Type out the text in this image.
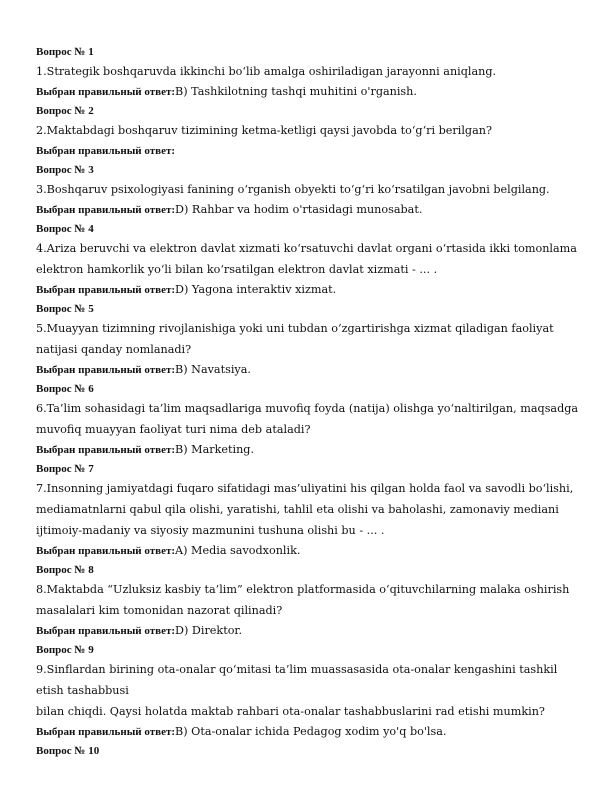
Вопрос № 1
1.Strategik boshqaruvda ikkinchi bo‘lib amalga oshiriladigan jarayonni aniqlang.
Выбран правильный ответ:B) Tashkilotning tashqi muhitini o'rganish.
Вопрос № 2
2.Maktabdagi boshqaruv tizimining ketma-ketligi qaysi javobda to‘g‘ri berilgan?
Выбран правильный ответ:
Вопрос № 3
3.Boshqaruv psixologiyasi fanining o‘rganish obyekti to‘g‘ri ko‘rsatilgan javobni belgilang.
Выбран правильный ответ:D) Rahbar va hodim o'rtasidagi munosabat.
Вопрос № 4
4.Ariza beruvchi va elektron davlat xizmati ko‘rsatuvchi davlat organi o‘rtasida ikki tomonlama elektron hamkorlik yo‘li bilan ko‘rsatilgan elektron davlat xizmati - ... .
Выбран правильный ответ:D) Yagona interaktiv xizmat.
Вопрос № 5
5.Muayyan tizimning rivojlanishiga yoki uni tubdan o‘zgartirishga xizmat qiladigan faoliyat natijasi qanday nomlanadi?
Выбран правильный ответ:B) Navatsiya.
Вопрос № 6
6.Ta’lim sohasidagi ta’lim maqsadlariga muvofiq foyda (natija) olishga yo‘naltirilgan, maqsadga muvofiq muayyan faoliyat turi nima deb ataladi?
Выбран правильный ответ:B) Marketing.
Вопрос № 7
7.Insonning jamiyatdagi fuqaro sifatidagi mas’uliyatini his qilgan holda faol va savodli bo‘lishi, mediamatnlarni qabul qila olishi, yaratishi, tahlil eta olishi va baholashi, zamonaviy mediani ijtimoiy-madaniy va siyosiy mazmunini tushuna olishi bu - ... .
Выбран правильный ответ:A) Media savodxonlik.
Вопрос № 8
8.Maktabda “Uzluksiz kasbiy ta’lim” elektron platformasida o‘qituvchilarning malaka oshirish masalalari kim tomonidan nazorat qilinadi?
Выбран правильный ответ:D) Direktor.
Вопрос № 9
9.Sinflardan birining ota-onalar qo‘mitasi ta’lim muassasasida ota-onalar kengashini tashkil etish tashabbusi
bilan chiqdi. Qaysi holatda maktab rahbari ota-onalar tashabbuslarini rad etishi mumkin?
Выбран правильный ответ:B) Ota-onalar ichida Pedagog xodim yo'q bo'lsa.
Вопрос № 10
